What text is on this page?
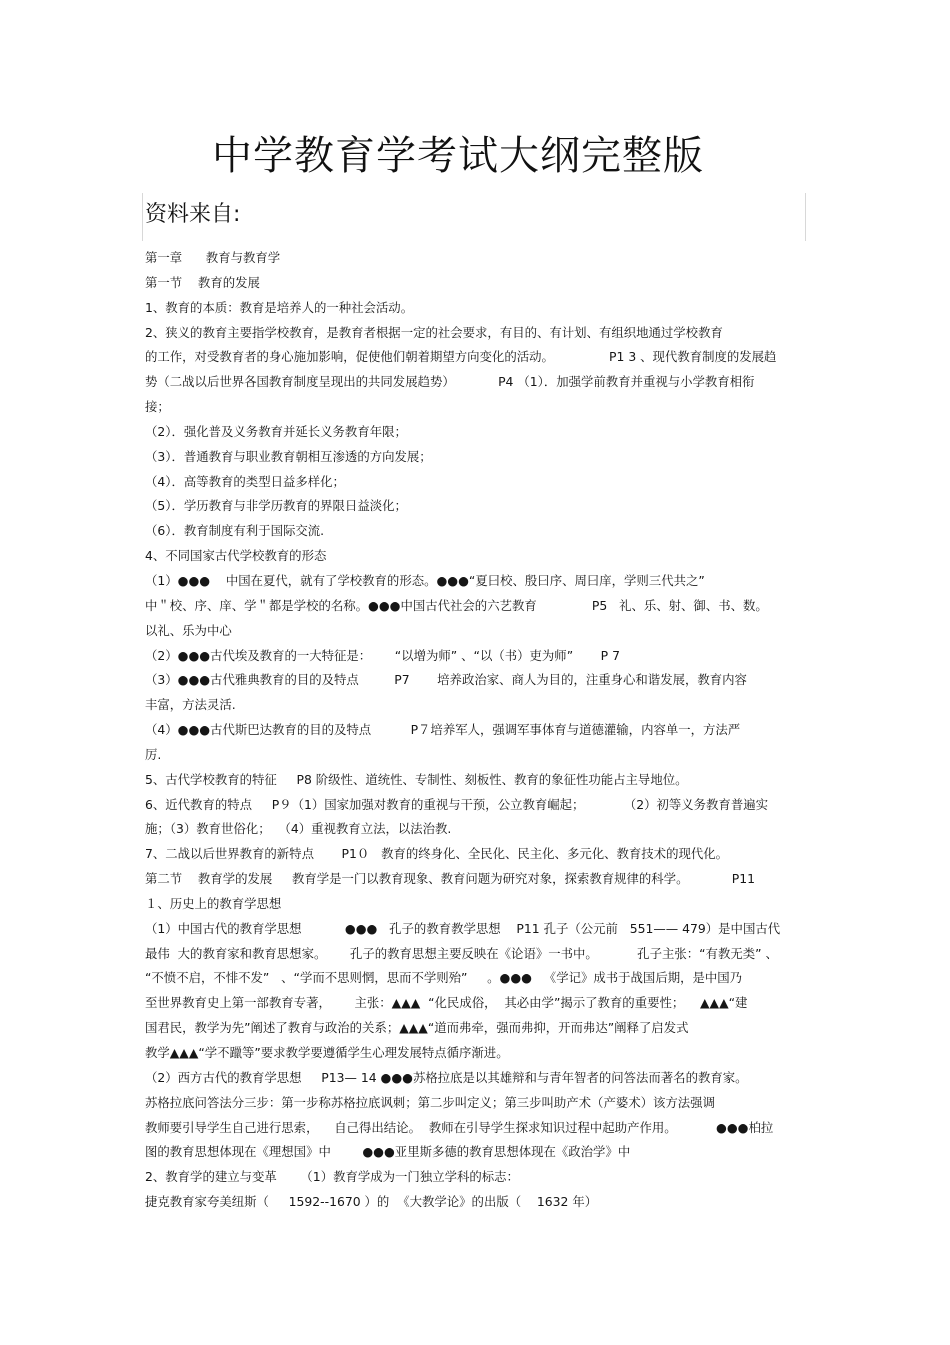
中学教育学考试大纲完整版
资料来自:
第一章      教育与教育学
第一节    教育的发展
1、教育的本质：教育是培养人的一种社会活动。
2、狭义的教育主要指学校教育，是教育者根据一定的社会要求，有目的、有计划、有组织地通过学校教育
的工作，对受教育者的身心施加影响，促使他们朝着期望方向变化的活动。              P1 3 、现代教育制度的发展趋
势（二战以后世界各国教育制度呈现出的共同发展趋势）           P4 （1）．加强学前教育并重视与小学教育相衔
接；
（2）．强化普及义务教育并延长义务教育年限；
（3）．普通教育与职业教育朝相互渗透的方向发展；
（4）．高等教育的类型日益多样化；
（5）．学历教育与非学历教育的界限日益淡化；
（6）．教育制度有利于国际交流.
4、不同国家古代学校教育的形态
（1）●●●    中国在夏代，就有了学校教育的形态。●●●“夏曰校、殷曰序、周曰庠，学则三代共之”
中＂校、序、庠、学＂都是学校的名称。●●●中国古代社会的六艺教育              P5   礼、乐、射、御、书、数。
以礼、乐为中心
（2）●●●古代埃及教育的一大特征是：      “以增为师” 、“以（书）吏为师”       P 7
（3）●●●古代雅典教育的目的及特点         P7       培养政治家、商人为目的，注重身心和谐发展，教育内容
丰富，方法灵活.
（4）●●●古代斯巴达教育的目的及特点          P７培养军人，强调军事体育与道德灌输，内容单一，方法严
厉.
5、古代学校教育的特征     P8 阶级性、道统性、专制性、刻板性、教育的象征性功能占主导地位。
6、近代教育的特点     P９（1）国家加强对教育的重视与干预，公立教育崛起；          （2）初等义务教育普遍实
施；（3）教育世俗化；  （4）重视教育立法，以法治教.
7、二战以后世界教育的新特点       P1０   教育的终身化、全民化、民主化、多元化、教育技术的现代化。
第二节    教育学的发展     教育学是一门以教育现象、教育问题为研究对象，探索教育规律的科学。           P11
１、历史上的教育学思想
（1）中国古代的教育学思想           ●●●   孔子的教育教学思想    P11 孔子（公元前   551—— 479）是中国古代
最伟  大的教育家和教育思想家。      孔子的教育思想主要反映在《论语》一书中。          孔子主张：“有教无类” 、
“不愤不启，不悱不发”   、“学而不思则惘，思而不学则殆”     。●●●   《学记》成书于战国后期，是中国乃
至世界教育史上第一部教育专著，      主张：▲▲▲  “化民成俗，  其必由学”揭示了教育的重要性；    ▲▲▲“建
国君民，教学为先”阐述了教育与政治的关系；▲▲▲“道而弗牵，强而弗抑，开而弗达”阐释了启发式
教学▲▲▲“学不躐等”要求教学要遵循学生心理发展特点循序渐进。
（2）西方古代的教育学思想     P13— 14 ●●●苏格拉底是以其雄辩和与青年智者的问答法而著名的教育家。
苏格拉底问答法分三步：第一步称苏格拉底讽刺；第二步叫定义；第三步叫助产术（产婆术）该方法强调
教师要引导学生自己进行思索，    自己得出结论。  教师在引导学生探求知识过程中起助产作用。          ●●●柏拉
图的教育思想体现在《理想国》中        ●●●亚里斯多德的教育思想体现在《政治学》中
2、教育学的建立与变革      （1）教育学成为一门独立学科的标志：
捷克教育家夸美纽斯（     1592--1670 ）的  《大教学论》的出版（    1632 年）
